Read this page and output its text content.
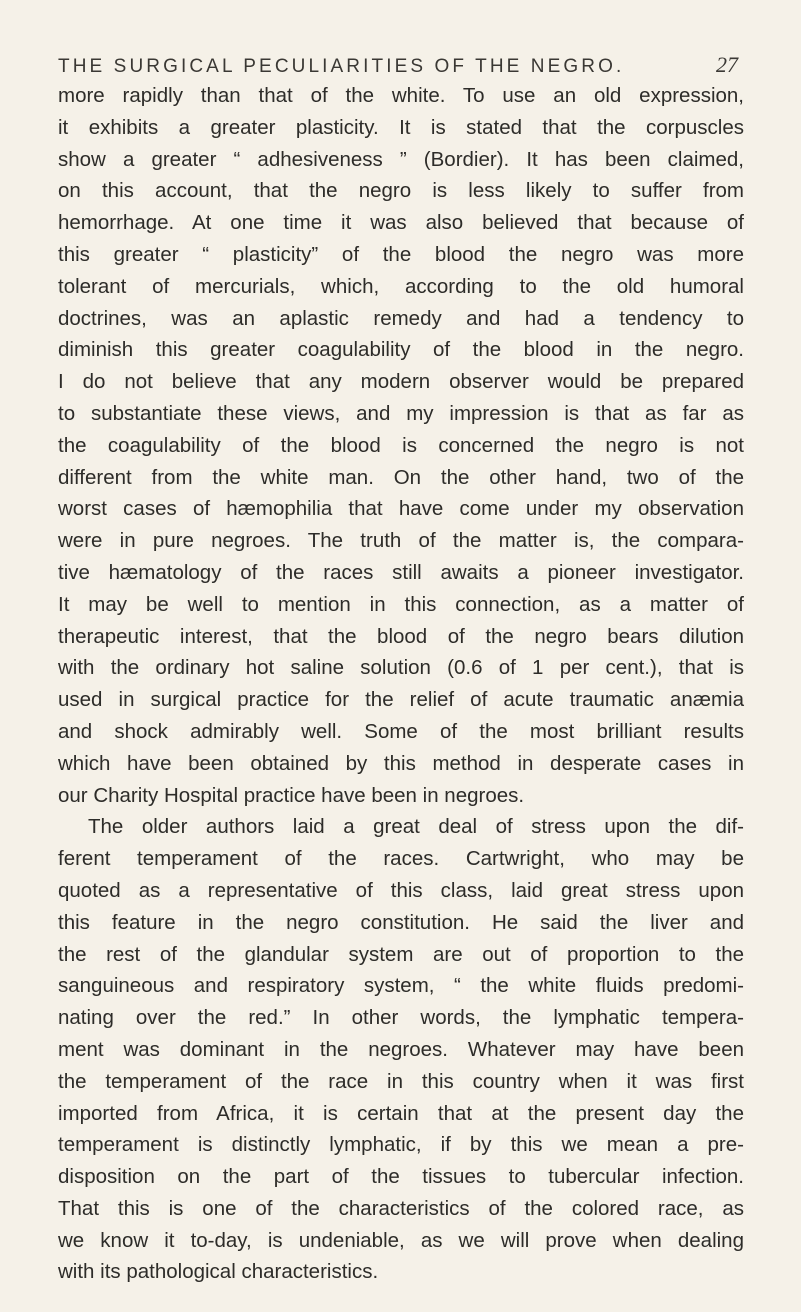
THE SURGICAL PECULIARITIES OF THE NEGRO.	27
more rapidly than that of the white. To use an old expression,
it exhibits a greater plasticity. It is stated that the corpuscles
show a greater “ adhesiveness ” (Bordier). It has been claimed,
on this account, that the negro is less likely to suffer from
hemorrhage. At one time it was also believed that because of
this greater “ plasticity” of the blood the negro was more
tolerant of mercurials, which, according to the old humoral
doctrines, was an aplastic remedy and had a tendency to
diminish this greater coagulability of the blood in the negro.
I do not believe that any modern observer would be prepared
to substantiate these views, and my impression is that as far as
the coagulability of the blood is concerned the negro is not
different from the white man. On the other hand, two of the
worst cases of hæmophilia that have come under my observation
were in pure negroes. The truth of the matter is, the compara-
tive hæmatology of the races still awaits a pioneer investigator.
It may be well to mention in this connection, as a matter of
therapeutic interest, that the blood of the negro bears dilution
with the ordinary hot saline solution (0.6 of 1 per cent.), that is
used in surgical practice for the relief of acute traumatic anæmia
and shock admirably well. Some of the most brilliant results
which have been obtained by this method in desperate cases in
our Charity Hospital practice have been in negroes.
The older authors laid a great deal of stress upon the dif-
ferent temperament of the races. Cartwright, who may be
quoted as a representative of this class, laid great stress upon
this feature in the negro constitution. He said the liver and
the rest of the glandular system are out of proportion to the
sanguineous and respiratory system, “ the white fluids predomi-
nating over the red.” In other words, the lymphatic tempera-
ment was dominant in the negroes. Whatever may have been
the temperament of the race in this country when it was first
imported from Africa, it is certain that at the present day the
temperament is distinctly lymphatic, if by this we mean a pre-
disposition on the part of the tissues to tubercular infection.
That this is one of the characteristics of the colored race, as
we know it to-day, is undeniable, as we will prove when dealing
with its pathological characteristics.
